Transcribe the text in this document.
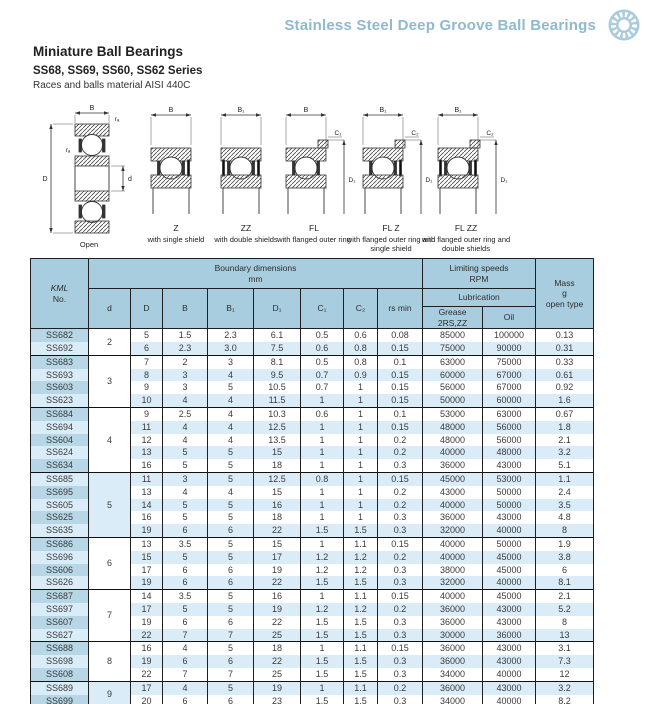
Stainless Steel Deep Groove Ball Bearings
Miniature Ball Bearings
SS68, SS69, SS60, SS62 Series
Races and balls material AISI 440C
B
D	d
rₐ
rₐ
Open
B
Z
with single shield
B₁
ZZ
with double shields
B
C₁
D₁
FL
with flanged outer ring
B₁
C₂
D₁
FL Z
with flanged outer ring and single shield
B₁
C₂
D₁
FL ZZ
with flanged outer ring and double shields
KML
No.	Boundary dimensions
mm								Limiting speeds
RPM		Mass
g
open type
	d	D	B	B₁	D₁	C₁	C₂	rs min	Lubrication		
									Grease
2RS,ZZ	Oil	
SS682	2	5	1.5	2.3	6.1	0.5	0.6	0.08	85000	100000	0.13
SS692		6	2.3	3.0	7.5	0.6	0.8	0.15	75000	90000	0.31
SS683	3	7	2	3	8.1	0.5	0.8	0.1	63000	75000	0.33
SS693		8	3	4	9.5	0.7	0.9	0.15	60000	67000	0.61
SS603		9	3	5	10.5	0.7	1	0.15	56000	67000	0.92
SS623		10	4	4	11.5	1	1	0.15	50000	60000	1.6
SS684	4	9	2.5	4	10.3	0.6	1	0.1	53000	63000	0.67
SS694		11	4	4	12.5	1	1	0.15	48000	56000	1.8
SS604		12	4	4	13.5	1	1	0.2	48000	56000	2.1
SS624		13	5	5	15	1	1	0.2	40000	48000	3.2
SS634		16	5	5	18	1	1	0.3	36000	43000	5.1
SS685	5	11	3	5	12.5	0.8	1	0.15	45000	53000	1.1
SS695		13	4	4	15	1	1	0.2	43000	50000	2.4
SS605		14	5	5	16	1	1	0.2	40000	50000	3.5
SS625		16	5	5	18	1	1	0.3	36000	43000	4.8
SS635		19	6	6	22	1.5	1.5	0.3	32000	40000	8
SS686	6	13	3.5	5	15	1	1.1	0.15	40000	50000	1.9
SS696		15	5	5	17	1.2	1.2	0.2	40000	45000	3.8
SS606		17	6	6	19	1.2	1.2	0.3	38000	45000	6
SS626		19	6	6	22	1.5	1.5	0.3	32000	40000	8.1
SS687	7	14	3.5	5	16	1	1.1	0.15	40000	45000	2.1
SS697		17	5	5	19	1.2	1.2	0.2	36000	43000	5.2
SS607		19	6	6	22	1.5	1.5	0.3	36000	43000	8
SS627		22	7	7	25	1.5	1.5	0.3	30000	36000	13
SS688	8	16	4	5	18	1	1.1	0.15	36000	43000	3.1
SS698		19	6	6	22	1.5	1.5	0.3	36000	43000	7.3
SS608		22	7	7	25	1.5	1.5	0.3	34000	40000	12
SS689	9	17	4	5	19	1	1.1	0.2	36000	43000	3.2
SS699		20	6	6	23	1.5	1.5	0.3	34000	40000	8.2
